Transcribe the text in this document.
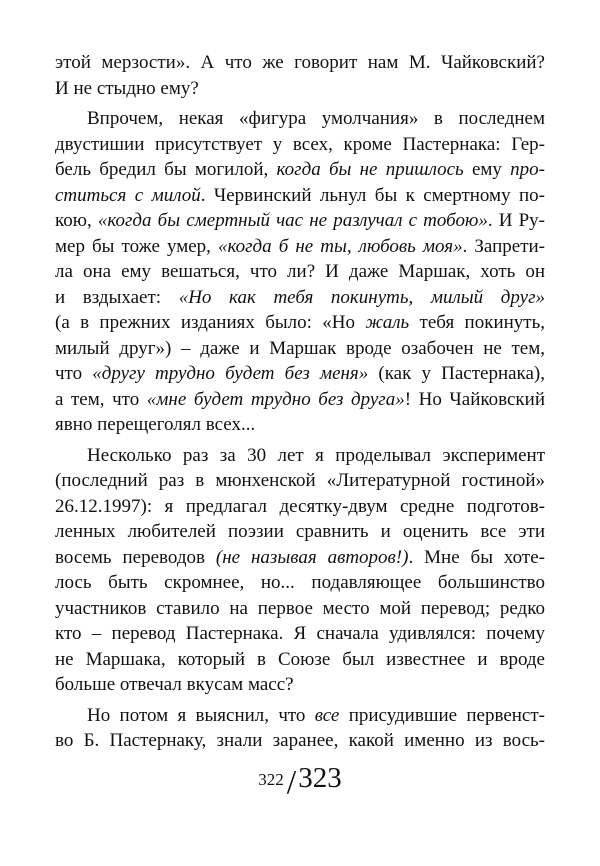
этой мерзости». А что же говорит нам М. Чайковский?
И не стыдно ему?

Впрочем, некая «фигура умолчания» в последнем
двустишии присутствует у всех, кроме Пастернака: Гер-
бель бредил бы могилой, когда бы не пришлось ему про-
ститься с милой. Червинский льнул бы к смертному по-
кою, «когда бы смертный час не разлучал с тобою». И Ру-
мер бы тоже умер, «когда б не ты, любовь моя». Запрети-
ла она ему вешаться, что ли? И даже Маршак, хоть он
и вздыхает: «Но как тебя покинуть, милый друг»
(а в прежних изданиях было: «Но жаль тебя покинуть,
милый друг») – даже и Маршак вроде озабочен не тем,
что «другу трудно будет без меня» (как у Пастернака),
а тем, что «мне будет трудно без друга»! Но Чайковский
явно перещеголял всех...

Несколько раз за 30 лет я проделывал эксперимент
(последний раз в мюнхенской «Литературной гостиной»
26.12.1997): я предлагал десятку-двум средне подготов-
ленных любителей поэзии сравнить и оценить все эти
восемь переводов (не называя авторов!). Мне бы хоте-
лось быть скромнее, но... подавляющее большинство
участников ставило на первое место мой перевод; редко
кто – перевод Пастернака. Я сначала удивлялся: почему
не Маршака, который в Союзе был известнее и вроде
больше отвечал вкусам масс?

Но потом я выяснил, что все присудившие первенст-
во Б. Пастернаку, знали заранее, какой именно из вось-

322/323
